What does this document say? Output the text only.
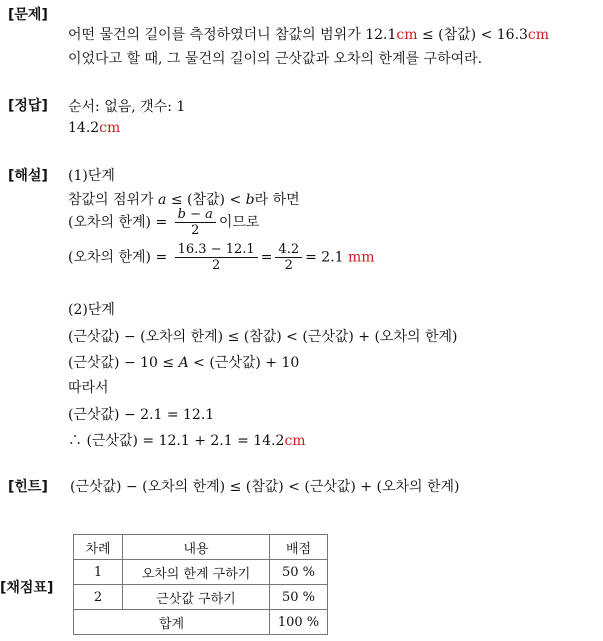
[문제]
어떤 물건의 길이를 측정하였더니 참값의 범위가 12.1cm ≤ (참값) < 16.3cm
이었다고 할 때, 그 물건의 길이의 근삿값과 오차의 한계를 구하여라.
[정답] 순서: 없음, 갯수: 1
14.2cm
[해설] (1)단계
참값의 점위가 a ≤ (참값) < b라 하면
(오차의 한계) = $\frac{b - a}{2}$ 이므로
(오차의 한계) = $\frac{16.3 - 12.1}{2} = \frac{4.2}{2} = 2.1$ mm
(2)단계
(근삿값) − (오차의 한계) ≤ (참값) < (근삿값) + (오차의 한계)
(근삿값) − 10 ≤ A < (근삿값) + 10
따라서
(근삿값) − 2.1 = 12.1
∴ (근삿값) = 12.1 + 2.1 = 14.2cm
[힌트] (근삿값) − (오차의 한계) ≤ (참값) < (근삿값) + (오차의 한계)
[채점표]
차례	내용	배점
1	오차의 한계 구하기	50 %
2	근삿값 구하기	50 %
합계		100 %
